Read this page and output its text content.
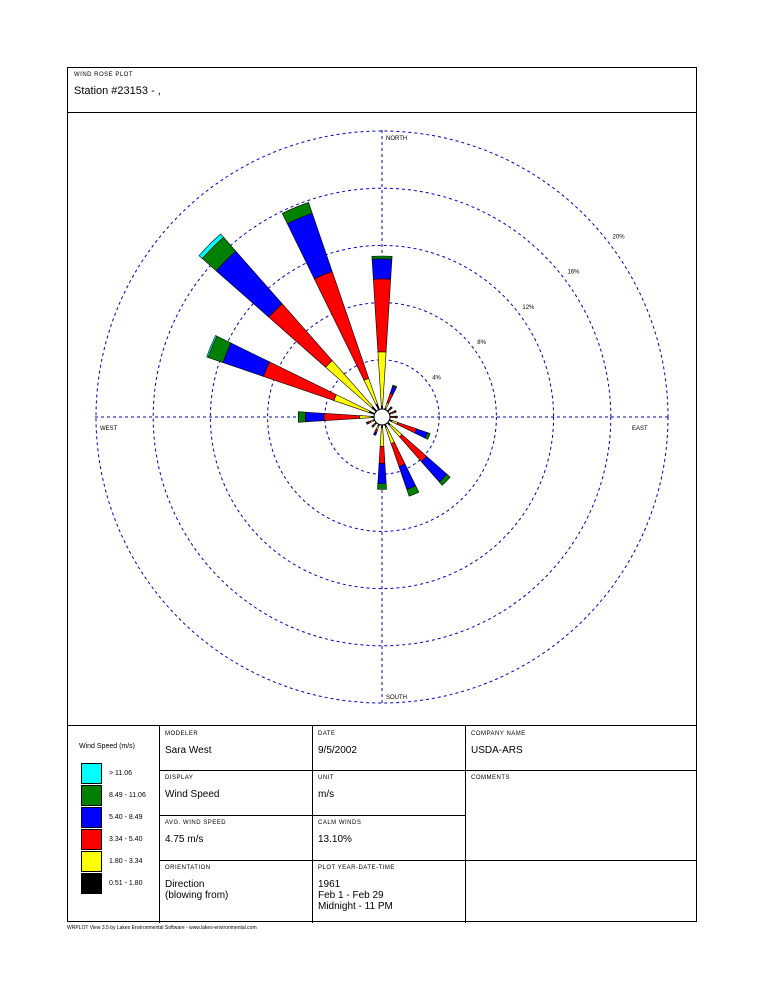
WIND ROSE PLOT
Station #23153 - ,
NORTH
SOUTH
EAST
WEST
4%
8%
12%
16%
20%
Wind Speed (m/s)
> 11.06
8.49 - 11.06
5.40 - 8.49
3.34 - 5.40
1.80 - 3.34
0.51 - 1.80
MODELER
Sara West
DISPLAY
Wind Speed
AVG. WIND SPEED
4.75 m/s
ORIENTATION
Direction
(blowing from)
DATE
9/5/2002
UNIT
m/s
CALM WINDS
13.10%
PLOT YEAR-DATE-TIME
1961
Feb 1 - Feb 29
Midnight - 11 PM
COMPANY NAME
USDA-ARS
COMMENTS
WRPLOT View 3.5 by Lakes Environmental Software - www.lakes-environmental.com
